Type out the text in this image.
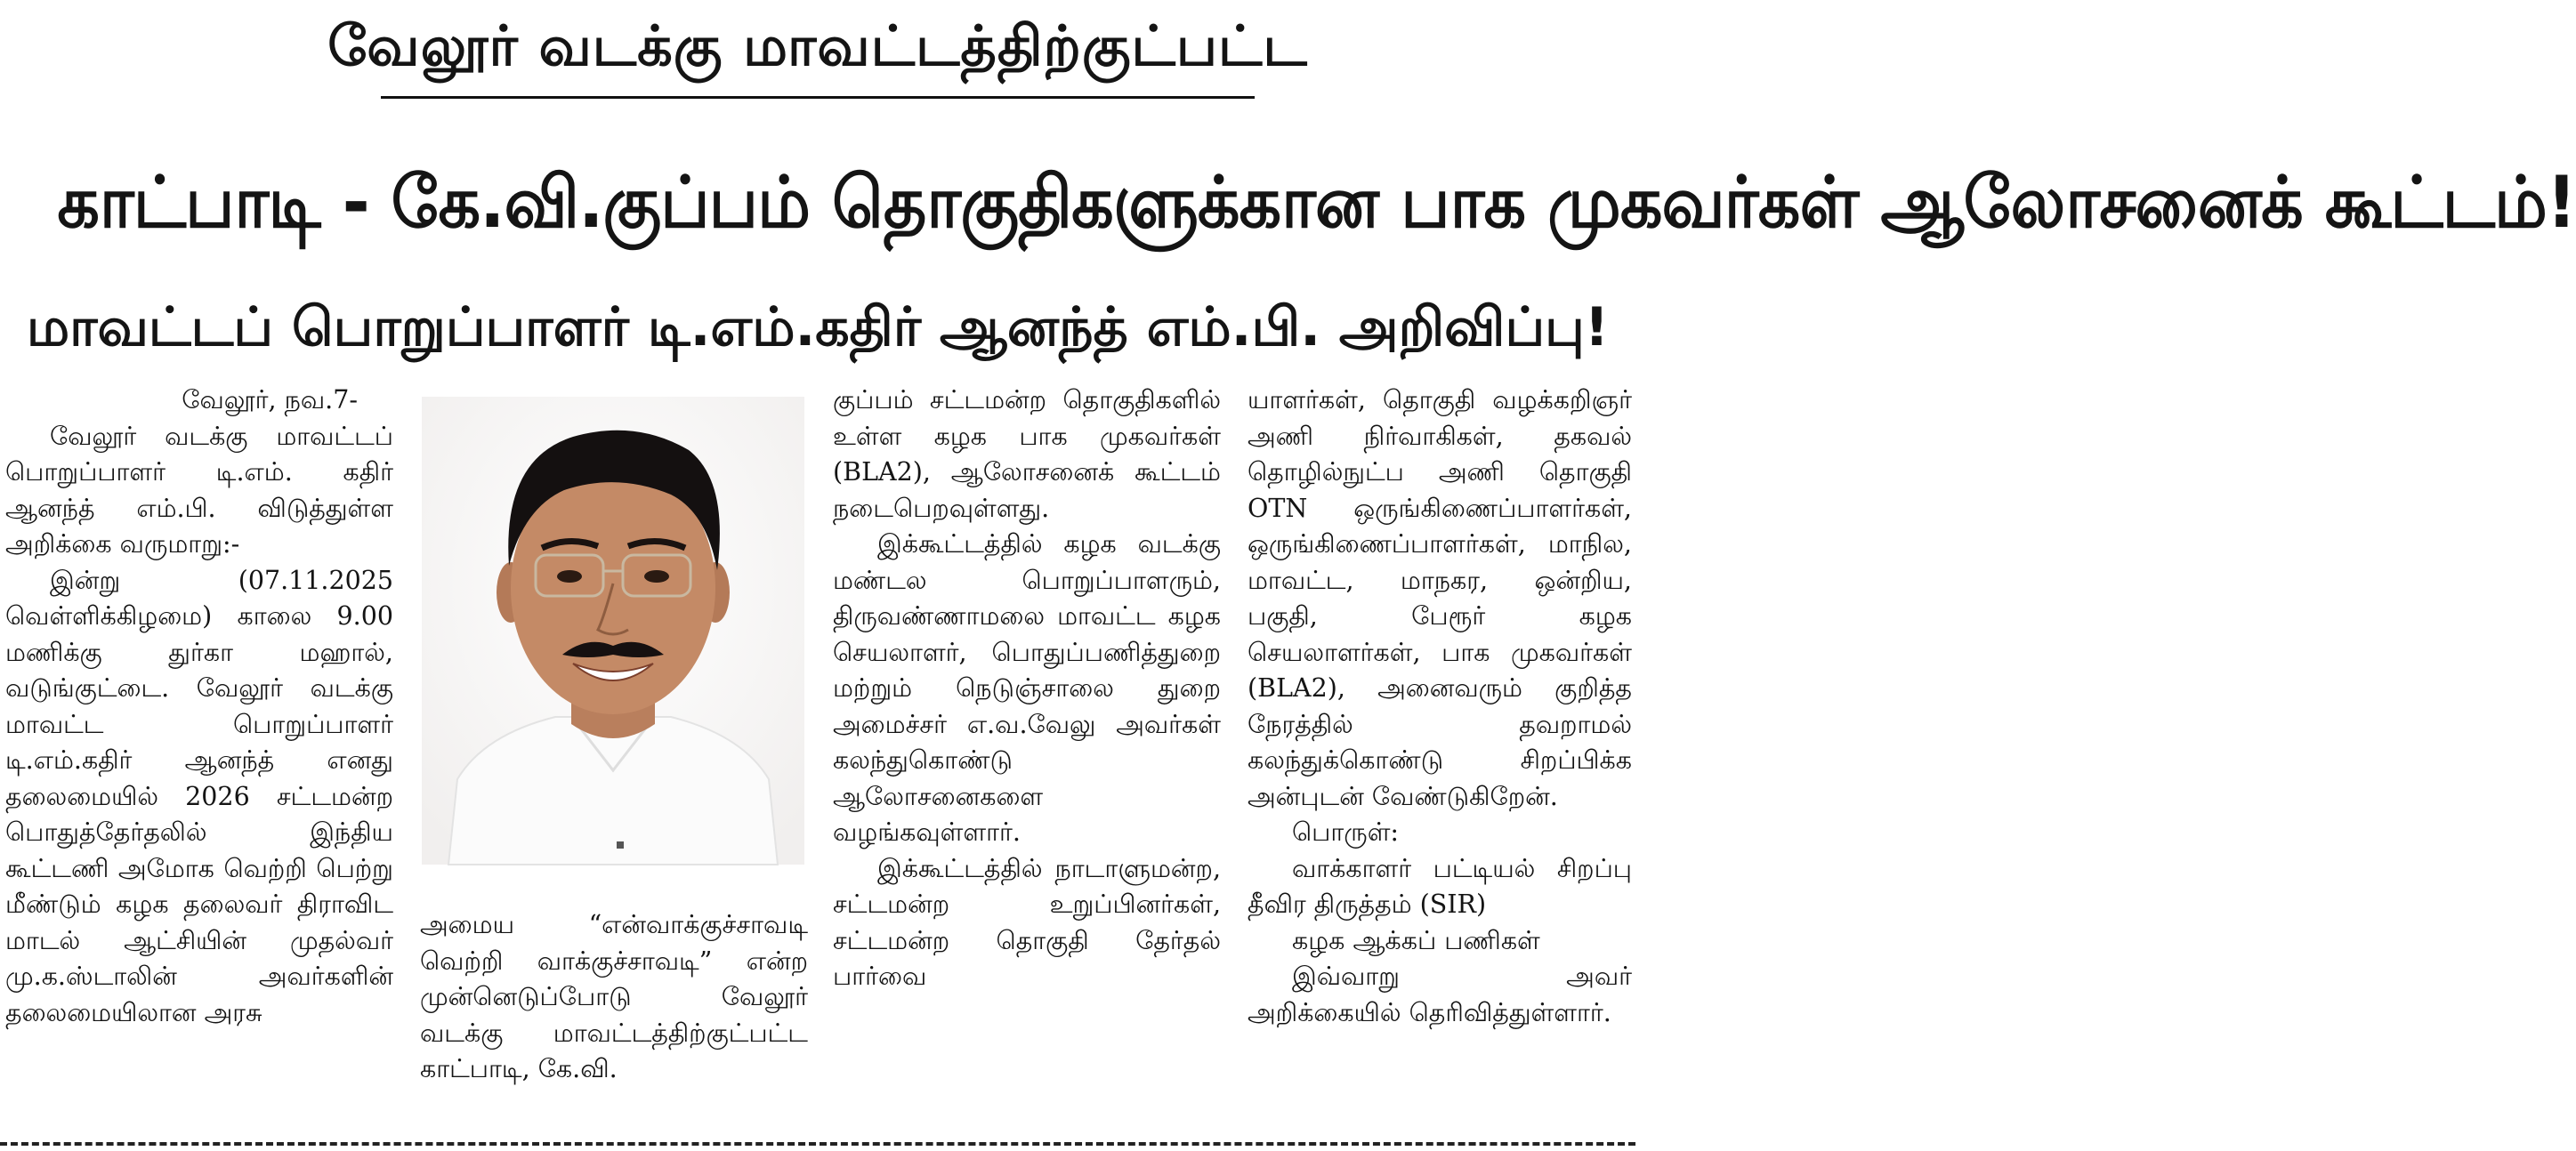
வேலூர் வடக்கு மாவட்டத்திற்குட்பட்ட
காட்பாடி - கே.வி.குப்பம் தொகுதிகளுக்கான பாக முகவர்கள் ஆலோசனைக் கூட்டம்!
மாவட்டப் பொறுப்பாளர் டி.எம்.கதிர் ஆனந்த் எம்.பி. அறிவிப்பு!

வேலூர், நவ.7-

வேலூர் வடக்கு மாவட்டப் பொறுப்பாளர் டி.எம். கதிர் ஆனந்த் எம்.பி. விடுத்துள்ள அறிக்கை வருமாறு:-

இன்று (07.11.2025 வெள்ளிக்கிழமை) காலை 9.00 மணிக்கு துர்கா மஹால், வடுங்குட்டை. வேலூர் வடக்கு மாவட்ட பொறுப்பாளர் டி.எம்.கதிர் ஆனந்த் எனது தலைமையில் 2026 சட்டமன்ற பொதுத்தேர்தலில் இந்திய கூட்டணி அமோக வெற்றி பெற்று மீண்டும் கழக தலைவர் திராவிட மாடல் ஆட்சியின் முதல்வர் மு.க.ஸ்டாலின் அவர்களின் தலைமையிலான அரசு

அமைய “என்வாக்குச்சாவடி வெற்றி வாக்குச்சாவடி” என்ற முன்னெடுப்போடு வேலூர் வடக்கு மாவட்டத்திற்குட்பட்ட காட்பாடி, கே.வி.

குப்பம் சட்டமன்ற தொகுதிகளில் உள்ள கழக பாக முகவர்கள் (BLA2), ஆலோசனைக் கூட்டம் நடைபெறவுள்ளது.

இக்கூட்டத்தில் கழக வடக்கு மண்டல பொறுப்பாளரும், திருவண்ணாமலை மாவட்ட கழக செயலாளர், பொதுப்பணித்துறை மற்றும் நெடுஞ்சாலை துறை அமைச்சர் எ.வ.வேலு அவர்கள் கலந்துகொண்டு ஆலோசனைகளை வழங்கவுள்ளார்.

இக்கூட்டத்தில் நாடாளுமன்ற, சட்டமன்ற உறுப்பினர்கள், சட்டமன்ற தொகுதி தேர்தல் பார்வை

யாளர்கள், தொகுதி வழக்கறிஞர் அணி நிர்வாகிகள், தகவல் தொழில்நுட்ப அணி தொகுதி OTN ஒருங்கிணைப்பாளர்கள், ஒருங்கிணைப்பாளர்கள், மாநில, மாவட்ட, மாநகர, ஒன்றிய, பகுதி, பேரூர் கழக செயலாளர்கள், பாக முகவர்கள் (BLA2), அனைவரும் குறித்த நேரத்தில் தவறாமல் கலந்துக்கொண்டு சிறப்பிக்க அன்புடன் வேண்டுகிறேன்.

பொருள்:

வாக்காளர் பட்டியல் சிறப்பு தீவிர திருத்தம் (SIR)

கழக ஆக்கப் பணிகள்

இவ்வாறு அவர் அறிக்கையில் தெரிவித்துள்ளார்.
